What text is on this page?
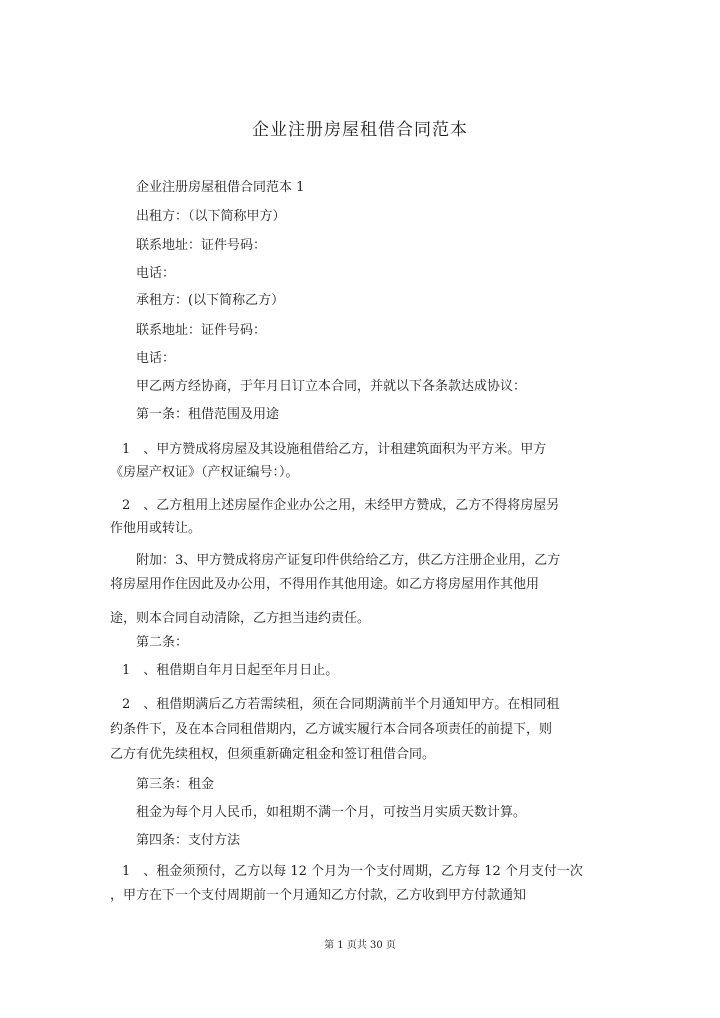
企业注册房屋租借合同范本
企业注册房屋租借合同范本 1
出租方：（以下简称甲方）
联系地址：证件号码：
电话：
承租方：(以下简称乙方）
联系地址：证件号码：
电话：
甲乙两方经协商，于年月日订立本合同，并就以下各条款达成协议：
第一条：租借范围及用途
1　、甲方赞成将房屋及其设施租借给乙方，计租建筑面积为平方米。甲方
《房屋产权证》（产权证编号：）。
2　、乙方租用上述房屋作企业办公之用，未经甲方赞成，乙方不得将房屋另
作他用或转让。
附加：3、甲方赞成将房产证复印件供给给乙方，供乙方注册企业用，乙方
将房屋用作住因此及办公用，不得用作其他用途。如乙方将房屋用作其他用
途，则本合同自动清除，乙方担当违约责任。
第二条：
1　、租借期自年月日起至年月日止。
2　、租借期满后乙方若需续租，须在合同期满前半个月通知甲方。在相同租
约条件下，及在本合同租借期内，乙方诚实履行本合同各项责任的前提下，则
乙方有优先续租权，但须重新确定租金和签订租借合同。
第三条：租金
租金为每个月人民币，如租期不满一个月，可按当月实质天数计算。
第四条：支付方法
1　、租金须预付，乙方以每 12 个月为一个支付周期，乙方每 12 个月支付一次
，甲方在下一个支付周期前一个月通知乙方付款，乙方收到甲方付款通知
第 1 页共 30 页
